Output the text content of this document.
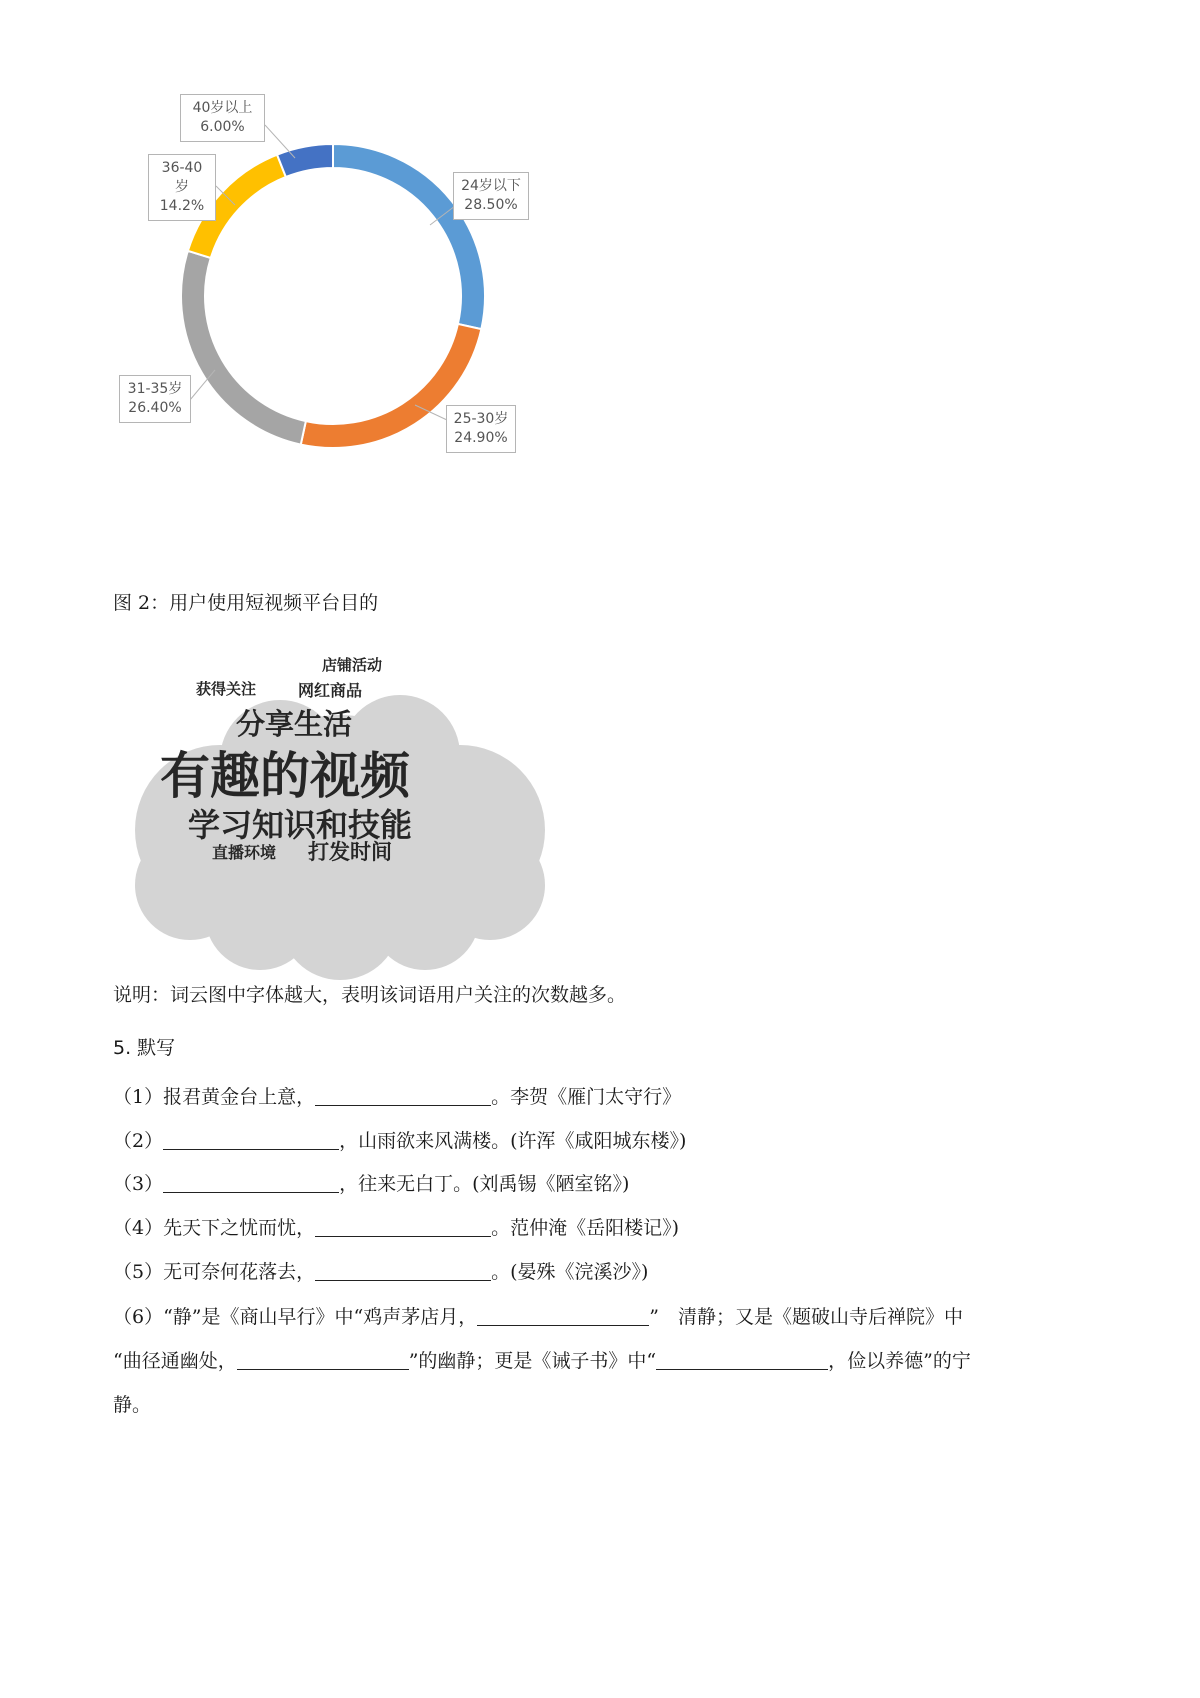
40岁以上
6.00%
36-40岁
14.2%
24岁以下
28.50%
31-35岁
26.40%
25-30岁
24.90%
图 2：用户使用短视频平台目的
店铺活动
获得关注	网红商品
分享生活
有趣的视频
学习知识和技能
直播环境 打发时间
说明：词云图中字体越大，表明该词语用户关注的次数越多。
5. 默写
（1）报君黄金台上意，	。李贺《雁门太守行》
（2）	，山雨欲来风满楼。(许浑《咸阳城东楼》)
（3）	，往来无白丁。(刘禹锡《陋室铭》)
（4）先天下之忧而忧，	。范仲淹《岳阳楼记》)
（5）无可奈何花落去，	。(晏殊《浣溪沙》)
（6）“静”是《商山早行》中“鸡声茅店月，	”　清静；又是《题破山寺后禅院》中
“曲径通幽处，	”的幽静；更是《诫子书》中“	，俭以养德”的宁
静。
